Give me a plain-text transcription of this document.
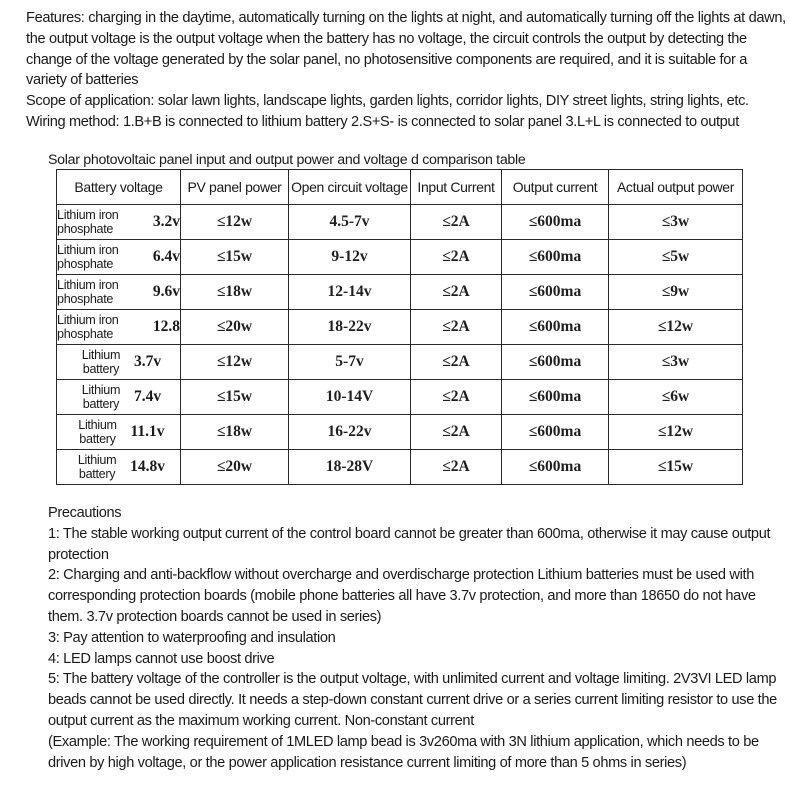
Features: charging in the daytime, automatically turning on the lights at night, and automatically turning off the lights at dawn, the output voltage is the output voltage when the battery has no voltage, the circuit controls the output by detecting the change of the voltage generated by the solar panel, no photosensitive components are required, and it is suitable for a variety of batteries

Scope of application: solar lawn lights, landscape lights, garden lights, corridor lights, DIY street lights, string lights, etc.

Wiring method: 1.B+B is connected to lithium battery 2.S+S- is connected to solar panel 3.L+L is connected to output

Solar photovoltaic panel input and output power and voltage d comparison table
Battery voltage	PV panel power	Open circuit voltage	Input Current	Output current	Actual output power

Lithium iron phosphate 3.2v	≤12w	4.5-7v	≤2A	≤600ma	≤3w

Lithium iron phosphate 6.4v	≤15w	9-12v	≤2A	≤600ma	≤5w

Lithium iron phosphate 9.6v	≤18w	12-14v	≤2A	≤600ma	≤9w

Lithium iron phosphate 12.8	≤20w	18-22v	≤2A	≤600ma	≤12w

Lithium battery 3.7v	≤12w	5-7v	≤2A	≤600ma	≤3w

Lithium battery 7.4v	≤15w	10-14V	≤2A	≤600ma	≤6w

Lithium battery 11.1v	≤18w	16-22v	≤2A	≤600ma	≤12w

Lithium battery 14.8v	≤20w	18-28V	≤2A	≤600ma	≤15w

Precautions

1: The stable working output current of the control board cannot be greater than 600ma, otherwise it may cause output protection

2: Charging and anti-backflow without overcharge and overdischarge protection Lithium batteries must be used with corresponding protection boards (mobile phone batteries all have 3.7v protection, and more than 18650 do not have them. 3.7v protection boards cannot be used in series)

3: Pay attention to waterproofing and insulation

4: LED lamps cannot use boost drive

5: The battery voltage of the controller is the output voltage, with unlimited current and voltage limiting. 2V3VI LED lamp beads cannot be used directly. It needs a step-down constant current drive or a series current limiting resistor to use the output current as the maximum working current. Non-constant current

(Example: The working requirement of 1MLED lamp bead is 3v260ma with 3N lithium application, which needs to be driven by high voltage, or the power application resistance current limiting of more than 5 ohms in series)
